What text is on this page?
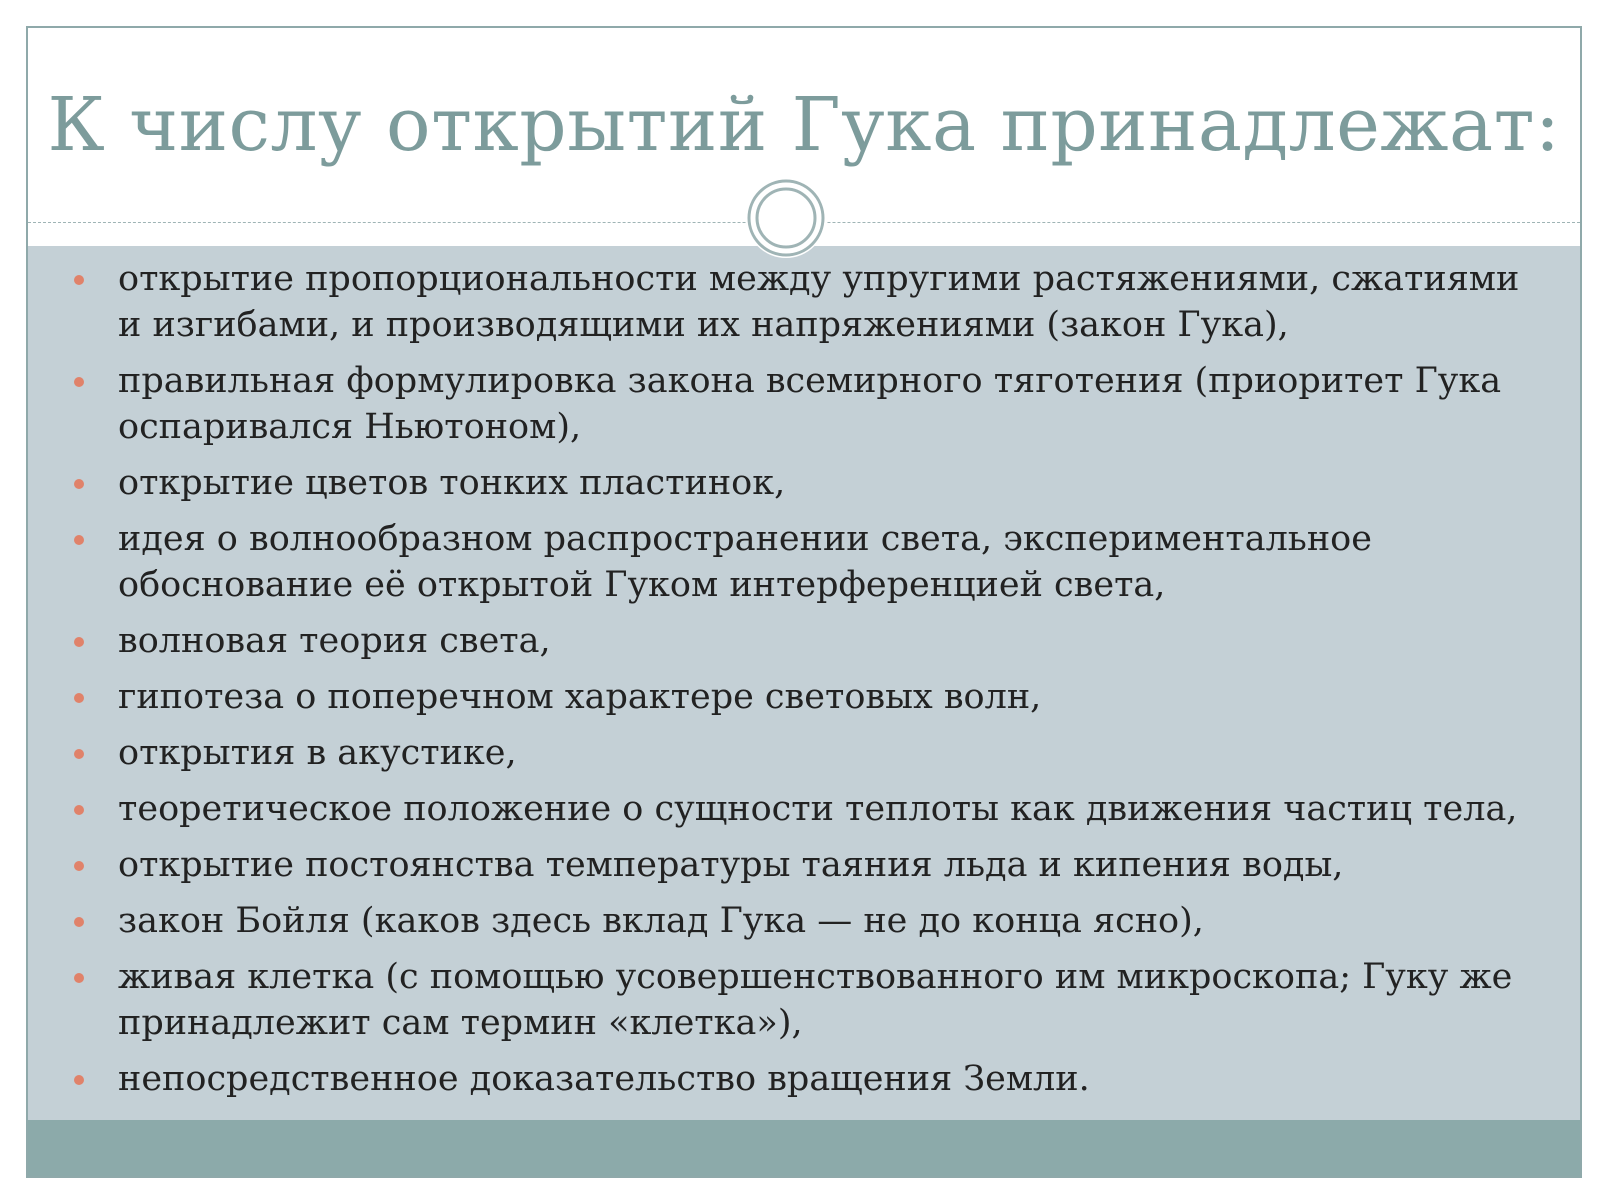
К числу открытий Гука принадлежат:
открытие пропорциональности между упругими растяжениями, сжатиями и изгибами, и производящими их напряжениями (закон Гука),
правильная формулировка закона всемирного тяготения (приоритет Гука оспаривался Ньютоном),
открытие цветов тонких пластинок,
идея о волнообразном распространении света, экспериментальное обоснование её открытой Гуком интерференцией света,
волновая теория света,
гипотеза о поперечном характере световых волн,
открытия в акустике,
теоретическое положение о сущности теплоты как движения частиц тела,
открытие постоянства температуры таяния льда и кипения воды,
закон Бойля (каков здесь вклад Гука — не до конца ясно),
живая клетка (с помощью усовершенствованного им микроскопа; Гуку же принадлежит сам термин «клетка»),
непосредственное доказательство вращения Земли.
